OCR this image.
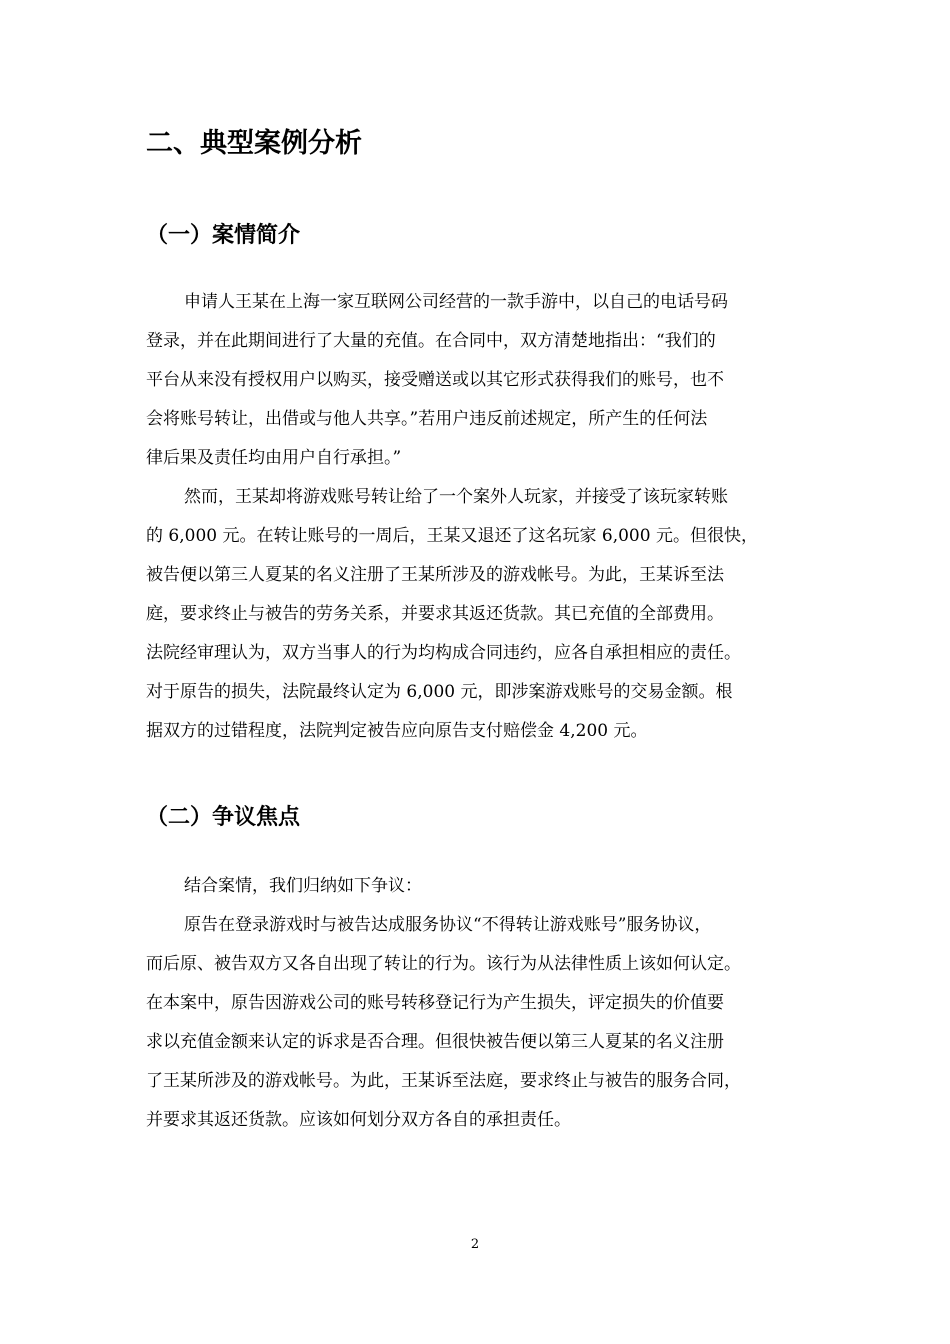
二、典型案例分析
（一）案情简介
申请人王某在上海一家互联网公司经营的一款手游中，以自己的电话号码
登录，并在此期间进行了大量的充值。在合同中，双方清楚地指出：“我们的
平台从来没有授权用户以购买，接受赠送或以其它形式获得我们的账号，也不
会将账号转让，出借或与他人共享。”若用户违反前述规定，所产生的任何法
律后果及责任均由用户自行承担。”
然而，王某却将游戏账号转让给了一个案外人玩家，并接受了该玩家转账
的 6,000 元。在转让账号的一周后，王某又退还了这名玩家 6,000 元。但很快，
被告便以第三人夏某的名义注册了王某所涉及的游戏帐号。为此，王某诉至法
庭，要求终止与被告的劳务关系，并要求其返还货款。其已充值的全部费用。
法院经审理认为，双方当事人的行为均构成合同违约，应各自承担相应的责任。
对于原告的损失，法院最终认定为 6,000 元，即涉案游戏账号的交易金额。根
据双方的过错程度，法院判定被告应向原告支付赔偿金 4,200 元。
（二）争议焦点
结合案情，我们归纳如下争议：
原告在登录游戏时与被告达成服务协议“不得转让游戏账号”服务协议，
而后原、被告双方又各自出现了转让的行为。该行为从法律性质上该如何认定。
在本案中，原告因游戏公司的账号转移登记行为产生损失，评定损失的价值要
求以充值金额来认定的诉求是否合理。但很快被告便以第三人夏某的名义注册
了王某所涉及的游戏帐号。为此，王某诉至法庭，要求终止与被告的服务合同，
并要求其返还货款。应该如何划分双方各自的承担责任。
2
